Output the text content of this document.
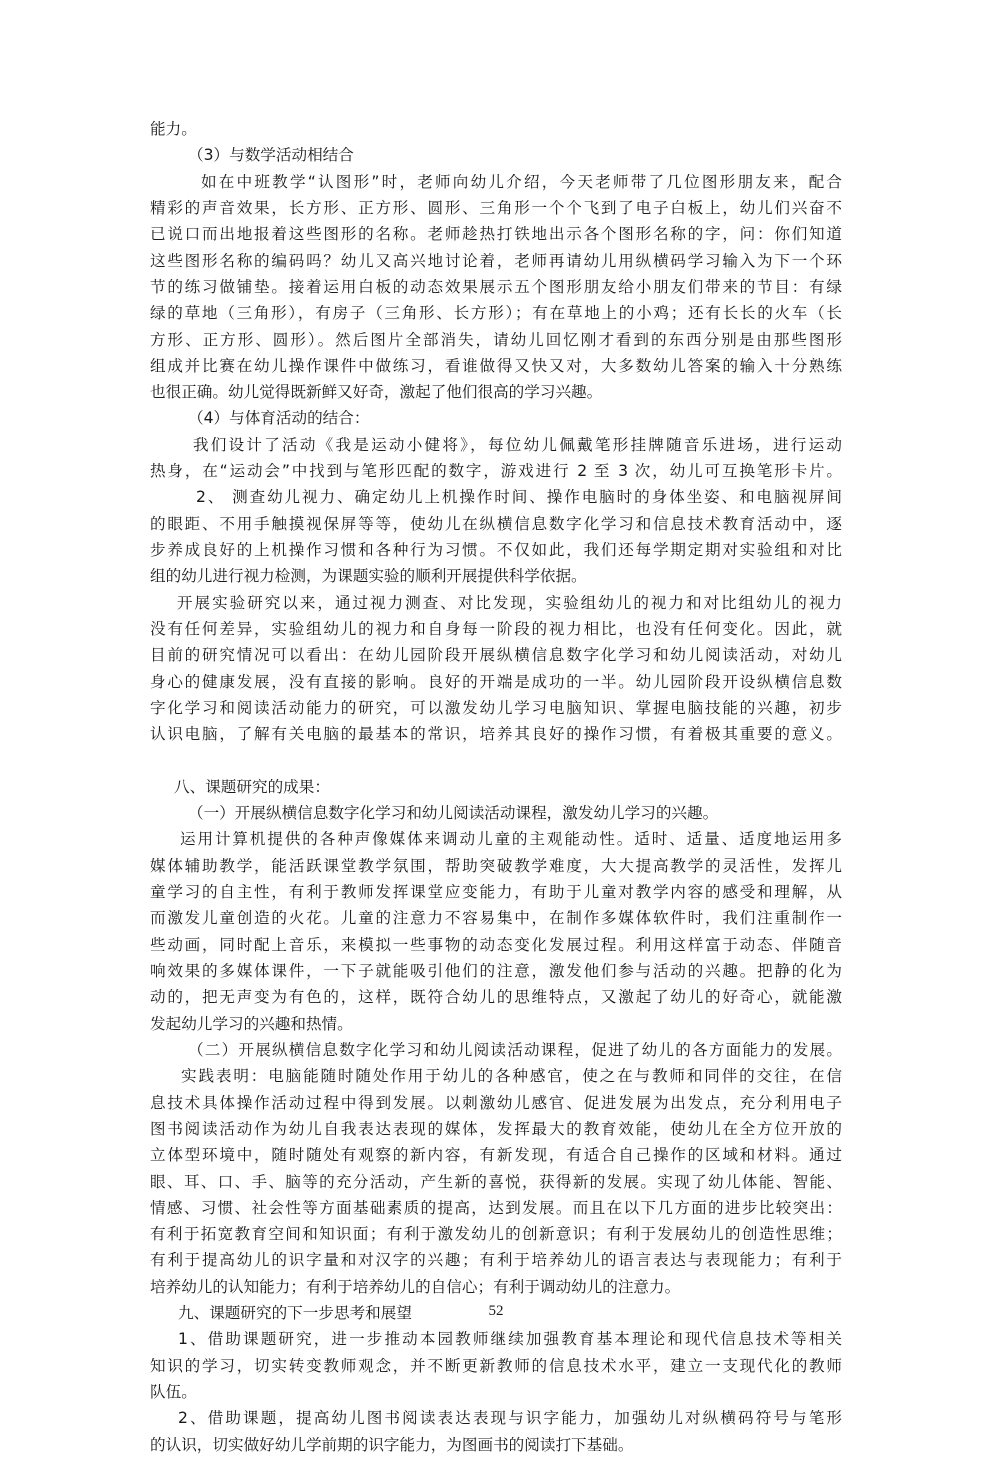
能力。
（3）与数学活动相结合
如在中班教学“认图形”时，老师向幼儿介绍，今天老师带了几位图形朋友来，配合
精彩的声音效果，长方形、正方形、圆形、三角形一个个飞到了电子白板上，幼儿们兴奋不
已说口而出地报着这些图形的名称。老师趁热打铁地出示各个图形名称的字，问：你们知道
这些图形名称的编码吗？幼儿又高兴地讨论着，老师再请幼儿用纵横码学习输入为下一个环
节的练习做铺垫。接着运用白板的动态效果展示五个图形朋友给小朋友们带来的节目：有绿
绿的草地（三角形），有房子（三角形、长方形）；有在草地上的小鸡；还有长长的火车（长
方形、正方形、圆形）。然后图片全部消失，请幼儿回忆刚才看到的东西分别是由那些图形
组成并比赛在幼儿操作课件中做练习，看谁做得又快又对，大多数幼儿答案的输入十分熟练
也很正确。幼儿觉得既新鲜又好奇，激起了他们很高的学习兴趣。
（4）与体育活动的结合：
我们设计了活动《我是运动小健将》，每位幼儿佩戴笔形挂牌随音乐进场，进行运动
热身，在“运动会”中找到与笔形匹配的数字，游戏进行 2 至 3 次，幼儿可互换笔形卡片。
2、 测查幼儿视力、确定幼儿上机操作时间、操作电脑时的身体坐姿、和电脑视屏间
的眼距、不用手触摸视保屏等等，使幼儿在纵横信息数字化学习和信息技术教育活动中，逐
步养成良好的上机操作习惯和各种行为习惯。不仅如此，我们还每学期定期对实验组和对比
组的幼儿进行视力检测，为课题实验的顺利开展提供科学依据。
开展实验研究以来，通过视力测查、对比发现，实验组幼儿的视力和对比组幼儿的视力
没有任何差异，实验组幼儿的视力和自身每一阶段的视力相比，也没有任何变化。因此，就
目前的研究情况可以看出：在幼儿园阶段开展纵横信息数字化学习和幼儿阅读活动，对幼儿
身心的健康发展，没有直接的影响。良好的开端是成功的一半。幼儿园阶段开设纵横信息数
字化学习和阅读活动能力的研究，可以激发幼儿学习电脑知识、掌握电脑技能的兴趣，初步
认识电脑，了解有关电脑的最基本的常识，培养其良好的操作习惯，有着极其重要的意义。
八、课题研究的成果：
（一）开展纵横信息数字化学习和幼儿阅读活动课程，激发幼儿学习的兴趣。
运用计算机提供的各种声像媒体来调动儿童的主观能动性。适时、适量、适度地运用多
媒体辅助教学，能活跃课堂教学氛围，帮助突破教学难度，大大提高教学的灵活性，发挥儿
童学习的自主性，有利于教师发挥课堂应变能力，有助于儿童对教学内容的感受和理解，从
而激发儿童创造的火花。儿童的注意力不容易集中，在制作多媒体软件时，我们注重制作一
些动画，同时配上音乐，来模拟一些事物的动态变化发展过程。利用这样富于动态、伴随音
响效果的多媒体课件，一下子就能吸引他们的注意，激发他们参与活动的兴趣。把静的化为
动的，把无声变为有色的，这样，既符合幼儿的思维特点，又激起了幼儿的好奇心，就能激
发起幼儿学习的兴趣和热情。
（二）开展纵横信息数字化学习和幼儿阅读活动课程，促进了幼儿的各方面能力的发展。
实践表明：电脑能随时随处作用于幼儿的各种感官，使之在与教师和同伴的交往，在信
息技术具体操作活动过程中得到发展。以刺激幼儿感官、促进发展为出发点，充分利用电子
图书阅读活动作为幼儿自我表达表现的媒体，发挥最大的教育效能，使幼儿在全方位开放的
立体型环境中，随时随处有观察的新内容，有新发现，有适合自己操作的区域和材料。通过
眼、耳、口、手、脑等的充分活动，产生新的喜悦，获得新的发展。实现了幼儿体能、智能、
情感、习惯、社会性等方面基础素质的提高，达到发展。而且在以下几方面的进步比较突出：
有利于拓宽教育空间和知识面；有利于激发幼儿的创新意识；有利于发展幼儿的创造性思维；
有利于提高幼儿的识字量和对汉字的兴趣；有利于培养幼儿的语言表达与表现能力；有利于
培养幼儿的认知能力；有利于培养幼儿的自信心；有利于调动幼儿的注意力。
九、课题研究的下一步思考和展望
1、借助课题研究，进一步推动本园教师继续加强教育基本理论和现代信息技术等相关
知识的学习，切实转变教师观念，并不断更新教师的信息技术水平，建立一支现代化的教师
队伍。
2、借助课题，提高幼儿图书阅读表达表现与识字能力，加强幼儿对纵横码符号与笔形
的认识，切实做好幼儿学前期的识字能力，为图画书的阅读打下基础。
52
